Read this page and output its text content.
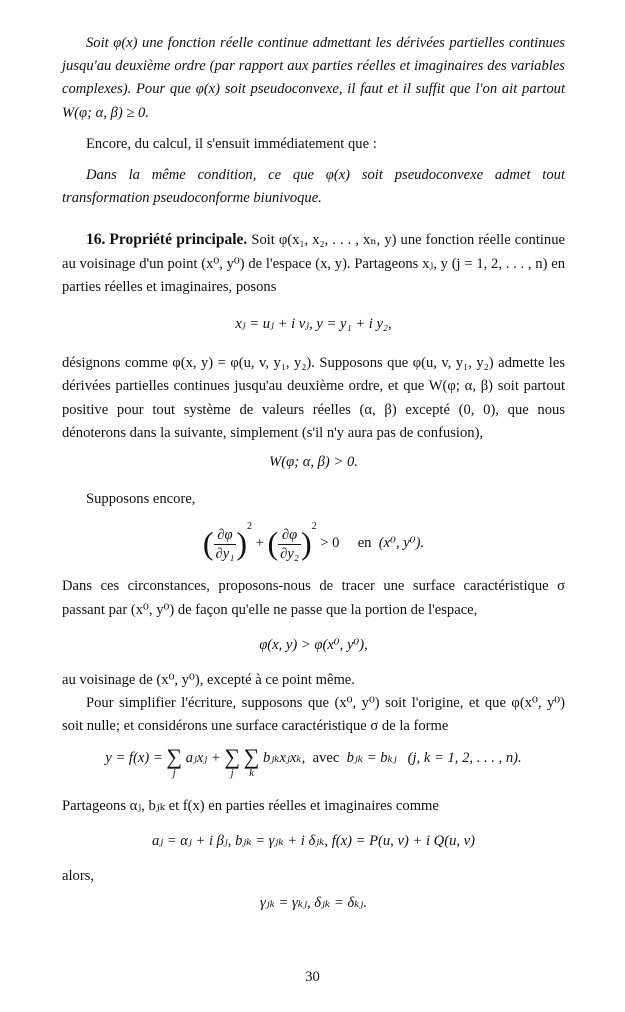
Soit φ(x) une fonction réelle continue admettant les dérivées partielles continues jusqu'au deuxième ordre (par rapport aux parties réelles et imaginaires des variables complexes). Pour que φ(x) soit pseudoconvexe, il faut et il suffit que l'on ait partout W(φ; α, β) ≥ 0.

Encore, du calcul, il s'ensuit immédiatement que :

Dans la même condition, ce que φ(x) soit pseudoconvexe admet tout transformation pseudoconforme biunivoque.

16. Propriété principale. Soit φ(x₁, x₂, . . . , xₙ, y) une fonction réelle continue au voisinage d'un point (x⁰, y⁰) de l'espace (x, y). Partageons xⱼ, y (j = 1, 2, . . . , n) en parties réelles et imaginaires, posons

xⱼ = uⱼ + i vⱼ, y = y₁ + i y₂,

désignons comme φ(x, y) = φ(u, v, y₁, y₂). Supposons que φ(u, v, y₁, y₂) admette les dérivées partielles continues jusqu'au deuxième ordre, et que W(φ; α, β) soit partout positive pour tout système de valeurs réelles (α, β) excepté (0, 0), que nous dénoterons dans la suivante, simplement (s'il n'y aura pas de confusion),

W(φ; α, β) > 0.

Supposons encore,

( $\frac{\partial\varphi}{\text{∂y₁}} )^2$ + ( $\frac{\partial\varphi}{\text{∂y₂}} )^2 > 0$ en (x⁰, y⁰).

Dans ces circonstances, proposons-nous de tracer une surface caractéristique σ passant par (x⁰, y⁰) de façon qu'elle ne passe que la portion de l'espace,

φ(x, y) > φ(x⁰, y⁰),

au voisinage de (x⁰, y⁰), excepté à ce point même.

Pour simplifier l'écriture, supposons que (x⁰, y⁰) soit l'origine, et que φ(x⁰, y⁰) soit nulle; et considérons une surface caractéristique σ de la forme

y = f(x) = ∑
j
aⱼxⱼ + ∑
j

∑
k
bⱼₖxⱼxₖ, avec bⱼₖ = bₖⱼ (j, k = 1, 2, . . . , n).

Partageons αⱼ, bⱼₖ et f(x) en parties réelles et imaginaires comme

aⱼ = αⱼ + i βⱼ, bⱼₖ = γⱼₖ + i δⱼₖ, f(x) = P(u, v) + i Q(u, v)

alors,

γⱼₖ = γₖⱼ, δⱼₖ = δₖⱼ.

30
